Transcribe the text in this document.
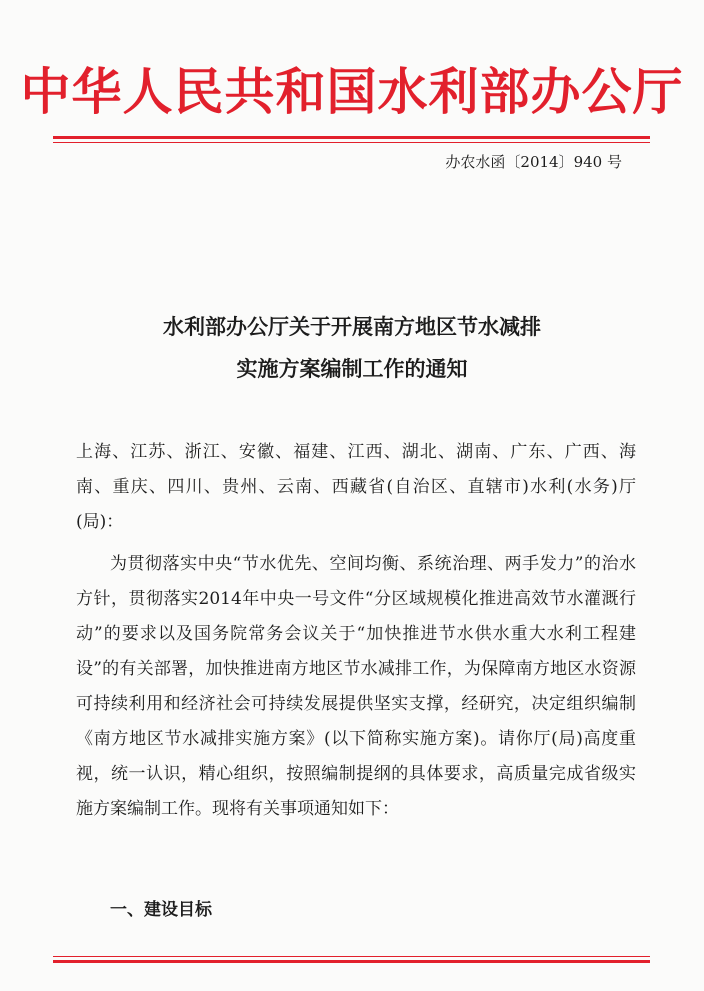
中华人民共和国水利部办公厅
办农水函〔2014〕940 号
水利部办公厅关于开展南方地区节水减排
实施方案编制工作的通知
上海、江苏、浙江、安徽、福建、江西、湖北、湖南、广东、广西、海南、重庆、四川、贵州、云南、西藏省(自治区、直辖市)水利(水务)厅(局)：
为贯彻落实中央“节水优先、空间均衡、系统治理、两手发力”的治水方针，贯彻落实2014年中央一号文件“分区域规模化推进高效节水灌溉行动”的要求以及国务院常务会议关于“加快推进节水供水重大水利工程建设”的有关部署，加快推进南方地区节水减排工作，为保障南方地区水资源可持续利用和经济社会可持续发展提供坚实支撑，经研究，决定组织编制《南方地区节水减排实施方案》(以下简称实施方案)。请你厅(局)高度重视，统一认识，精心组织，按照编制提纲的具体要求，高质量完成省级实施方案编制工作。现将有关事项通知如下：
一、建设目标
